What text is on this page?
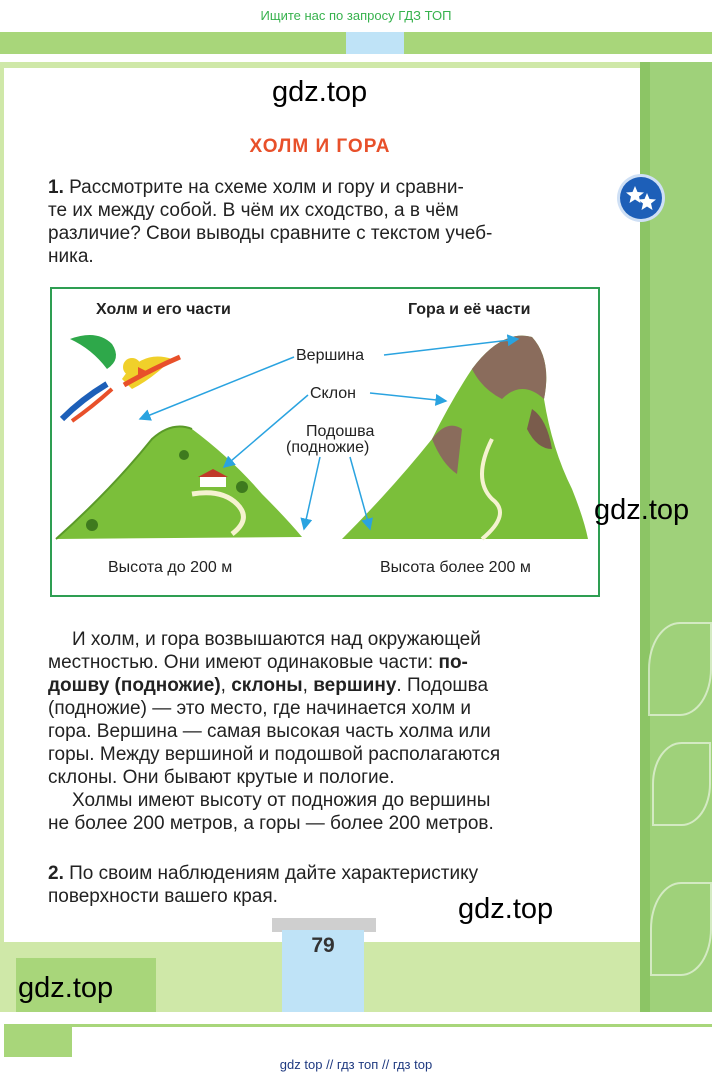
Ищите нас по запросу ГДЗ ТОП
gdz.top
ХОЛМ И ГОРА
1. Рассмотрите на схеме холм и гору и сравни-
те их между собой. В чём их сходство, а в чём
различие? Свои выводы сравните с текстом учеб-
ника.
Холм и его части	Гора и её части
Вершина
Склон
Подошва
(подножие)
Высота до 200 м	Высота более 200 м
gdz.top
И холм, и гора возвышаются над окружающей
местностью. Они имеют одинаковые части: по-
дошву (подножие), склоны, вершину. Подошва
(подножие) — это место, где начинается холм и
гора. Вершина — самая высокая часть холма или
горы. Между вершиной и подошвой располагаются
склоны. Они бывают крутые и пологие.
Холмы имеют высоту от подножия до вершины
не более 200 метров, а горы — более 200 метров.
2. По своим наблюдениям дайте характеристику
поверхности вашего края.	gdz.top
79
gdz.top
gdz top // гдз топ // гдз top
